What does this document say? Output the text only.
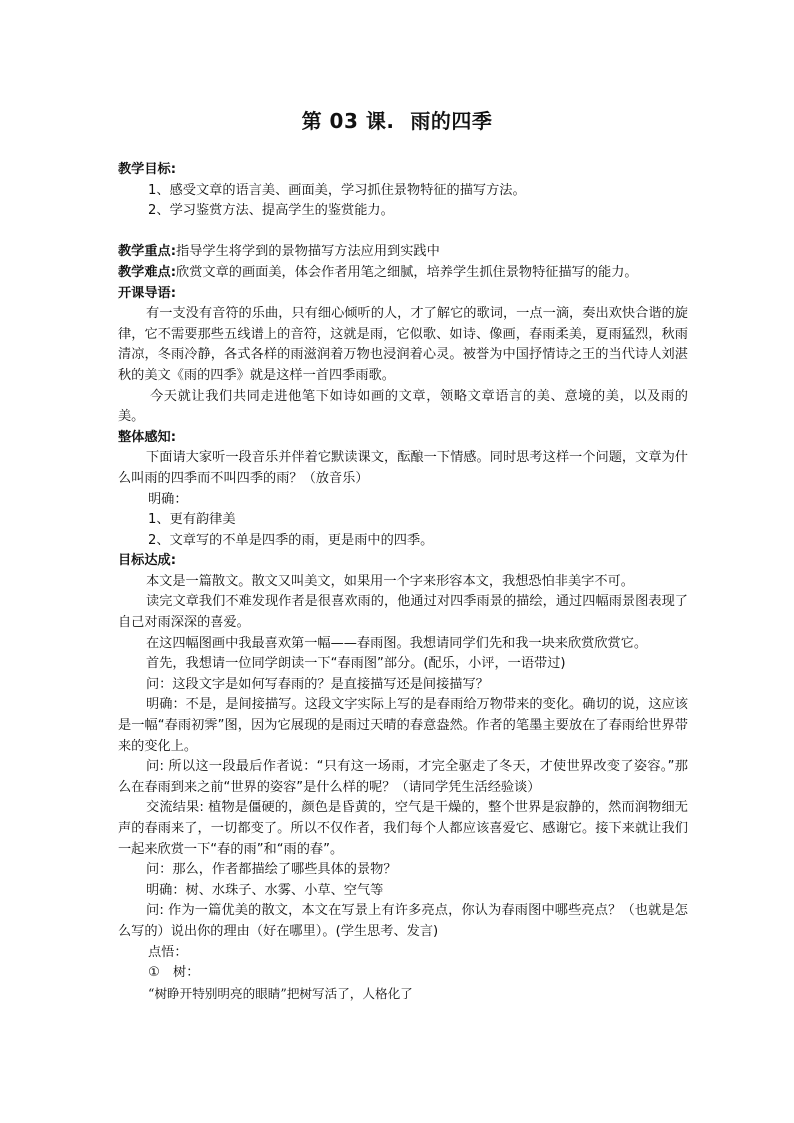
第 03 课. 雨的四季

教学目标:

1、感受文章的语言美、画面美，学习抓住景物特征的描写方法。

2、学习鉴赏方法、提高学生的鉴赏能力。

教学重点:指导学生将学到的景物描写方法应用到实践中

教学难点:欣赏文章的画面美，体会作者用笔之细腻，培养学生抓住景物特征描写的能力。

开课导语:

有一支没有音符的乐曲，只有细心倾听的人，才了解它的歌词，一点一滴，奏出欢快合谐的旋律，它不需要那些五线谱上的音符，这就是雨，它似歌、如诗、像画，春雨柔美，夏雨猛烈，秋雨清凉，冬雨冷静，各式各样的雨滋润着万物也浸润着心灵。被誉为中国抒情诗之王的当代诗人刘湛秋的美文《雨的四季》就是这样一首四季雨歌。

今天就让我们共同走进他笔下如诗如画的文章，领略文章语言的美、意境的美，以及雨的美。

整体感知:

下面请大家听一段音乐并伴着它默读课文，酝酿一下情感。同时思考这样一个问题，文章为什么叫雨的四季而不叫四季的雨？（放音乐）

明确：

1、更有韵律美

2、文章写的不单是四季的雨，更是雨中的四季。

目标达成:

本文是一篇散文。散文又叫美文，如果用一个字来形容本文，我想恐怕非美字不可。

读完文章我们不难发现作者是很喜欢雨的，他通过对四季雨景的描绘，通过四幅雨景图表现了自己对雨深深的喜爱。

在这四幅图画中我最喜欢第一幅——春雨图。我想请同学们先和我一块来欣赏欣赏它。

首先，我想请一位同学朗读一下“春雨图”部分。(配乐，小评，一语带过)

问：这段文字是如何写春雨的？是直接描写还是间接描写？

明确：不是，是间接描写。这段文字实际上写的是春雨给万物带来的变化。确切的说，这应该是一幅“春雨初霁”图，因为它展现的是雨过天晴的春意盎然。作者的笔墨主要放在了春雨给世界带来的变化上。

问: 所以这一段最后作者说：“只有这一场雨，才完全驱走了冬天，才使世界改变了姿容。”那么在春雨到来之前“世界的姿容”是什么样的呢？（请同学凭生活经验谈）

交流结果: 植物是僵硬的，颜色是昏黄的，空气是干燥的，整个世界是寂静的，然而润物细无声的春雨来了，一切都变了。所以不仅作者，我们每个人都应该喜爱它、感谢它。接下来就让我们一起来欣赏一下“春的雨”和“雨的春”。

问：那么，作者都描绘了哪些具体的景物？

明确：树、水珠子、水雾、小草、空气等

问: 作为一篇优美的散文，本文在写景上有许多亮点，你认为春雨图中哪些亮点？（也就是怎么写的）说出你的理由（好在哪里）。(学生思考、发言)

点悟：

①　树：

“树睁开特别明亮的眼睛”把树写活了，人格化了
